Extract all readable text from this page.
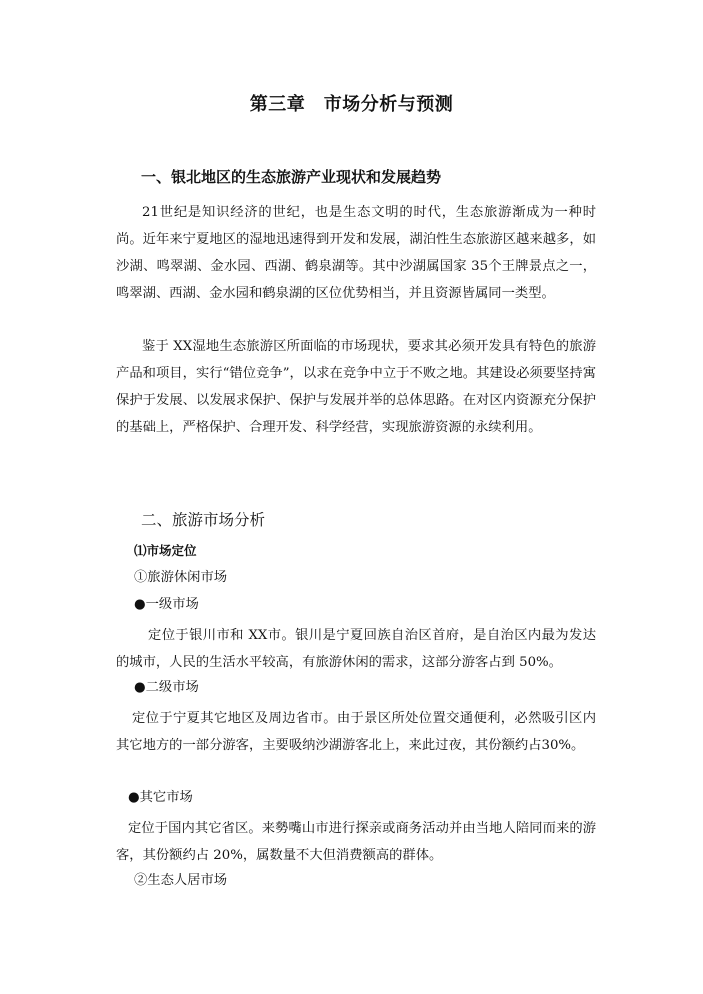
第三章　市场分析与预测
一、银北地区的生态旅游产业现状和发展趋势

21世纪是知识经济的世纪，也是生态文明的时代，生态旅游渐成为一种时尚。近年来宁夏地区的湿地迅速得到开发和发展，湖泊性生态旅游区越来越多，如沙湖、鸣翠湖、金水园、西湖、鹤泉湖等。其中沙湖属国家 35个王牌景点之一，鸣翠湖、西湖、金水园和鹤泉湖的区位优势相当，并且资源皆属同一类型。

鉴于 XX湿地生态旅游区所面临的市场现状，要求其必须开发具有特色的旅游产品和项目，实行“错位竞争”，以求在竞争中立于不败之地。其建设必须要坚持寓保护于发展、以发展求保护、保护与发展并举的总体思路。在对区内资源充分保护的基础上，严格保护、合理开发、科学经营，实现旅游资源的永续利用。

二、旅游市场分析
⑴市场定位
①旅游休闲市场
●一级市场

定位于银川市和 XX市。银川是宁夏回族自治区首府，是自治区内最为发达的城市，人民的生活水平较高，有旅游休闲的需求，这部分游客占到 50%。

●二级市场

定位于宁夏其它地区及周边省市。由于景区所处位置交通便利，必然吸引区内其它地方的一部分游客，主要吸纳沙湖游客北上，来此过夜，其份额约占30%。

●其它市场

定位于国内其它省区。来勢嘴山市进行探亲或商务活动并由当地人陪同而来的游客，其份额约占 20%，属数量不大但消费额高的群体。

②生态人居市场
